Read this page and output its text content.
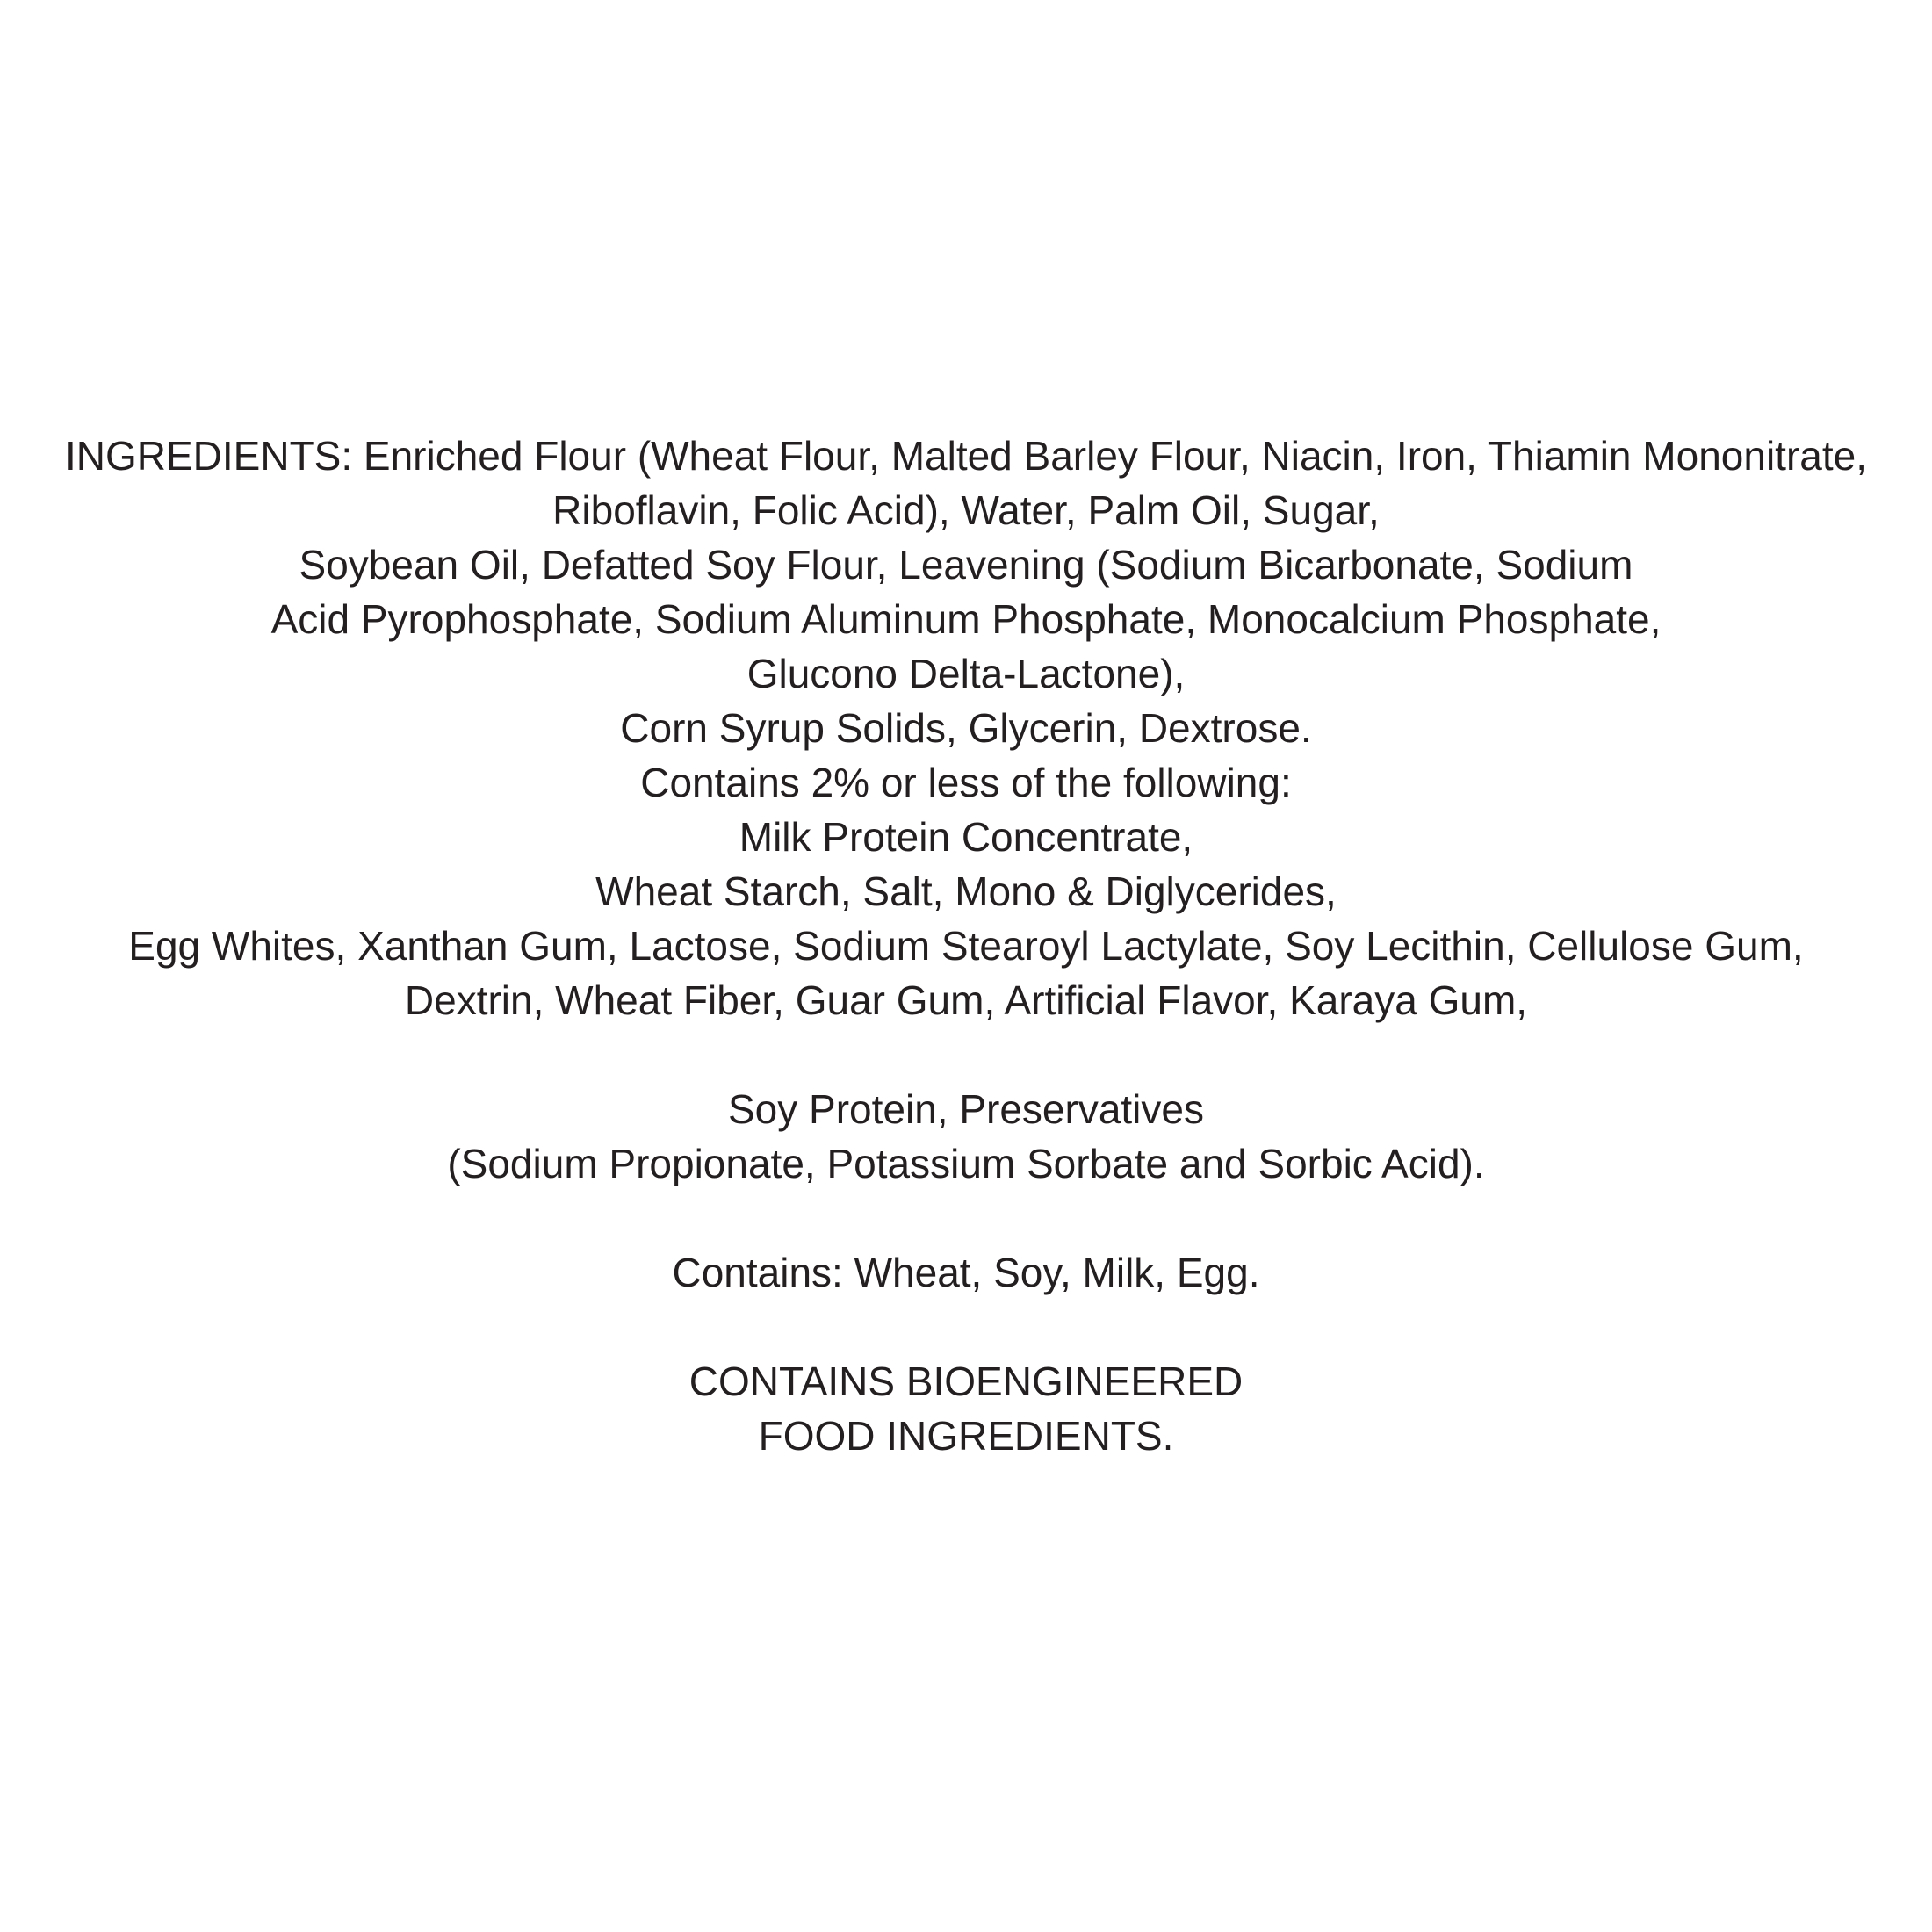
INGREDIENTS: Enriched Flour (Wheat Flour, Malted Barley Flour, Niacin, Iron, Thiamin Mononitrate,
Riboflavin, Folic Acid), Water, Palm Oil, Sugar,
Soybean Oil, Defatted Soy Flour, Leavening (Sodium Bicarbonate, Sodium
Acid Pyrophosphate, Sodium Aluminum Phosphate, Monocalcium Phosphate,
Glucono Delta-Lactone),
Corn Syrup Solids, Glycerin, Dextrose.
Contains 2% or less of the following:
Milk Protein Concentrate,
Wheat Starch, Salt, Mono & Diglycerides,
Egg Whites, Xanthan Gum, Lactose, Sodium Stearoyl Lactylate, Soy Lecithin, Cellulose Gum,
Dextrin, Wheat Fiber, Guar Gum, Artificial Flavor, Karaya Gum,
Soy Protein, Preservatives
(Sodium Propionate, Potassium Sorbate and Sorbic Acid).
Contains: Wheat, Soy, Milk, Egg.
CONTAINS BIOENGINEERED
FOOD INGREDIENTS.
